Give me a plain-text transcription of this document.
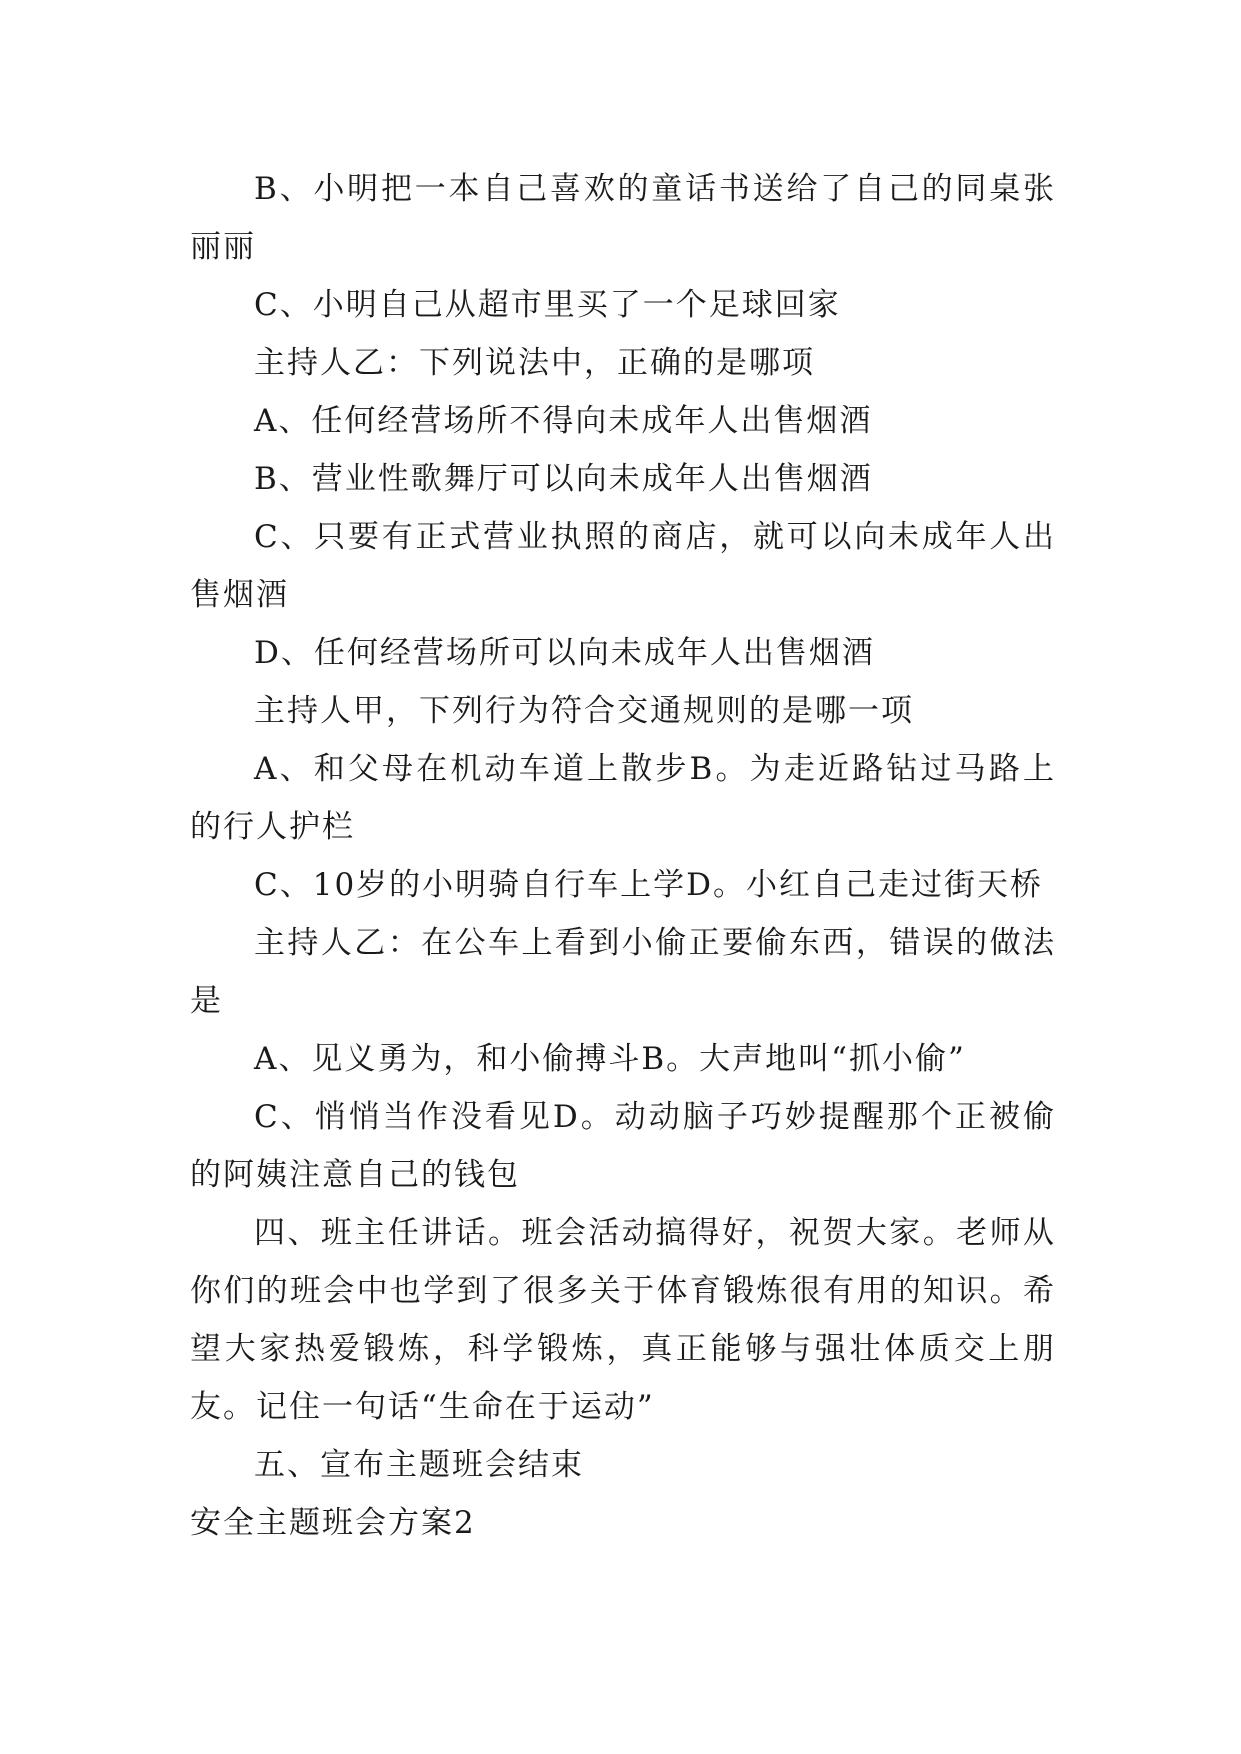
B、小明把一本自己喜欢的童话书送给了自己的同桌张丽丽

C、小明自己从超市里买了一个足球回家

主持人乙：下列说法中，正确的是哪项

A、任何经营场所不得向未成年人出售烟酒

B、营业性歌舞厅可以向未成年人出售烟酒

C、只要有正式营业执照的商店，就可以向未成年人出售烟酒

D、任何经营场所可以向未成年人出售烟酒

主持人甲，下列行为符合交通规则的是哪一项

A、和父母在机动车道上散步B。为走近路钻过马路上的行人护栏

C、10岁的小明骑自行车上学D。小红自己走过街天桥

主持人乙：在公车上看到小偷正要偷东西，错误的做法是

A、见义勇为，和小偷搏斗B。大声地叫“抓小偷”

C、悄悄当作没看见D。动动脑子巧妙提醒那个正被偷的阿姨注意自己的钱包

四、班主任讲话。班会活动搞得好，祝贺大家。老师从你们的班会中也学到了很多关于体育锻炼很有用的知识。希望大家热爱锻炼，科学锻炼，真正能够与强壮体质交上朋友。记住一句话“生命在于运动”

五、宣布主题班会结束

安全主题班会方案2
